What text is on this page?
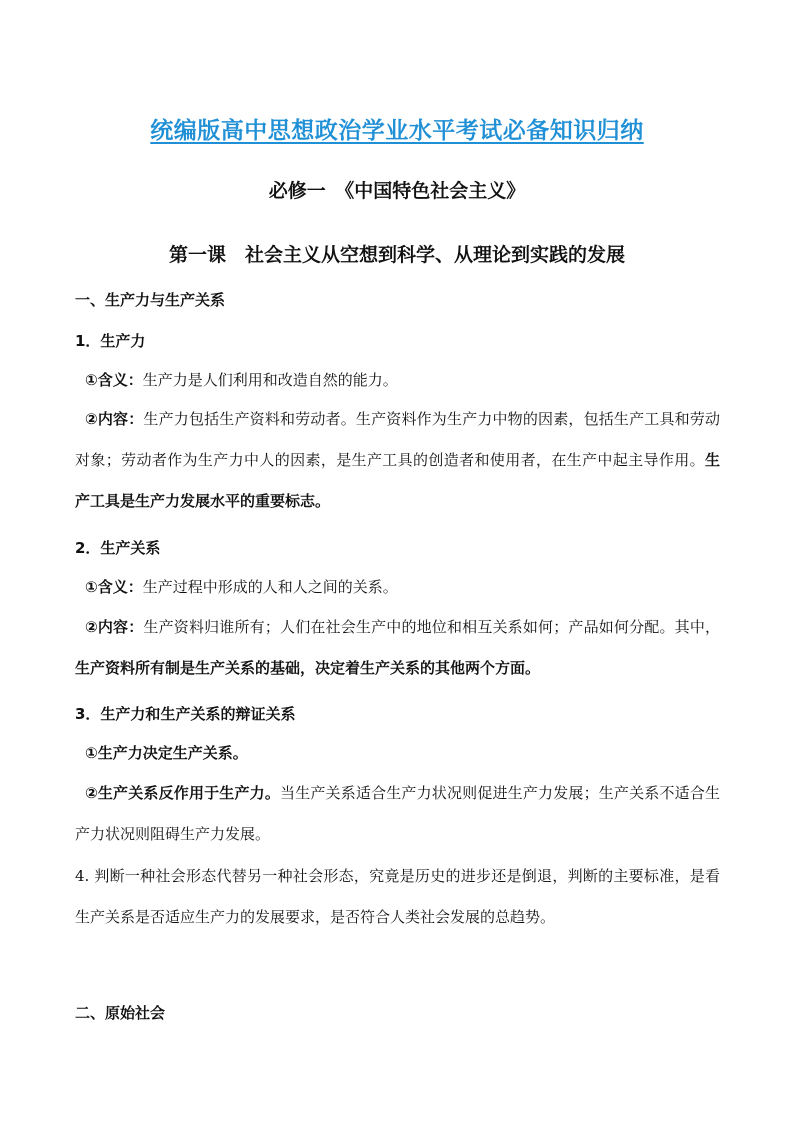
统编版高中思想政治学业水平考试必备知识归纳
必修一　《中国特色社会主义》
第一课　社会主义从空想到科学、从理论到实践的发展
一、生产力与生产关系
1．生产力
①含义：生产力是人们利用和改造自然的能力。
②内容：生产力包括生产资料和劳动者。生产资料作为生产力中物的因素，包括生产工具和劳动对象；劳动者作为生产力中人的因素，是生产工具的创造者和使用者，在生产中起主导作用。生产工具是生产力发展水平的重要标志。
2．生产关系
①含义：生产过程中形成的人和人之间的关系。
②内容：生产资料归谁所有；人们在社会生产中的地位和相互关系如何；产品如何分配。其中，生产资料所有制是生产关系的基础，决定着生产关系的其他两个方面。
3．生产力和生产关系的辩证关系
①生产力决定生产关系。
②生产关系反作用于生产力。当生产关系适合生产力状况则促进生产力发展；生产关系不适合生产力状况则阻碍生产力发展。
4. 判断一种社会形态代替另一种社会形态，究竟是历史的进步还是倒退，判断的主要标准，是看生产关系是否适应生产力的发展要求，是否符合人类社会发展的总趋势。
二、原始社会
